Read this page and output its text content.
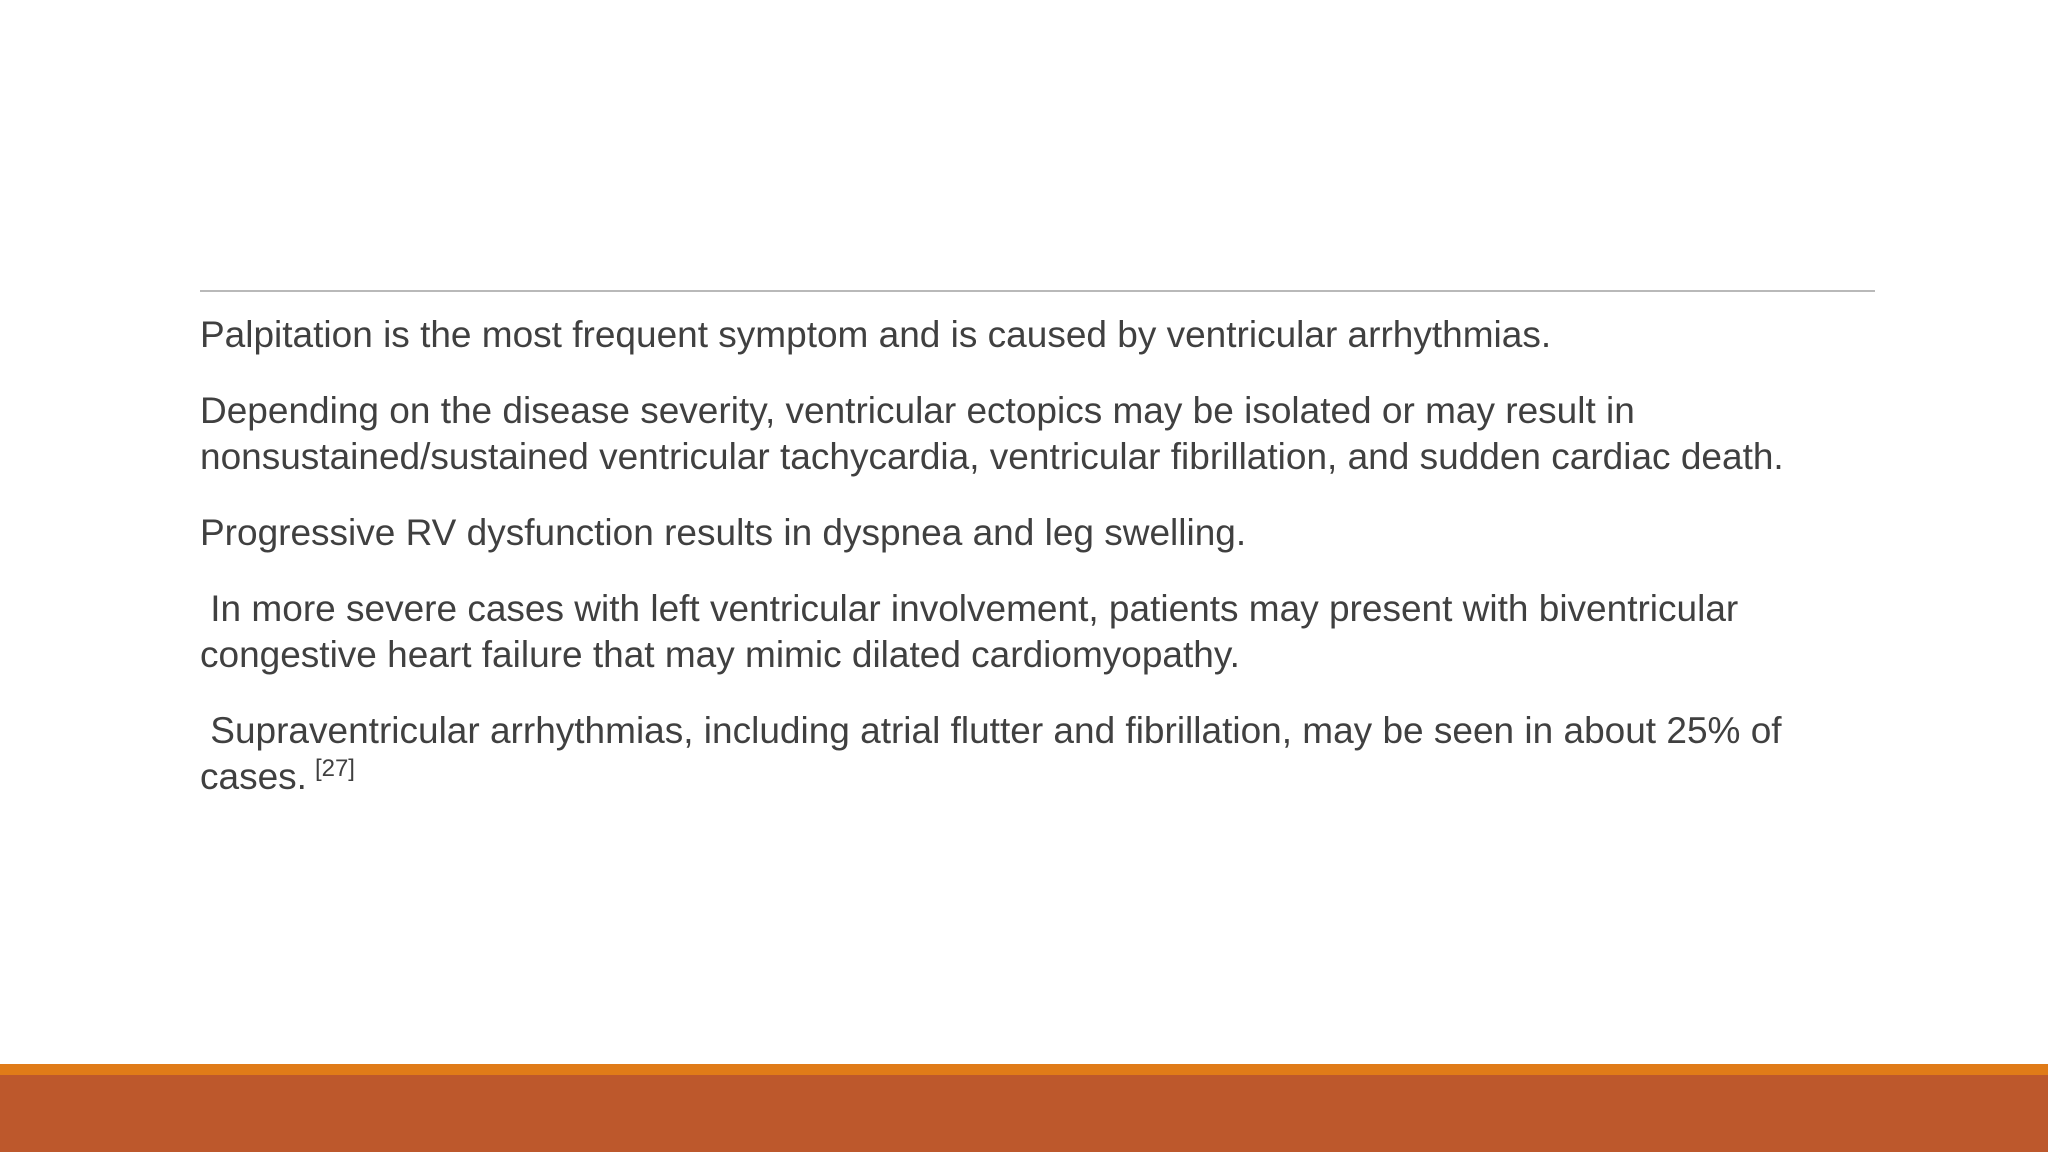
Palpitation is the most frequent symptom and is caused by ventricular arrhythmias.

Depending on the disease severity, ventricular ectopics may be isolated or may result in nonsustained/sustained ventricular tachycardia, ventricular fibrillation, and sudden cardiac death.

Progressive RV dysfunction results in dyspnea and leg swelling.

In more severe cases with left ventricular involvement, patients may present with biventricular congestive heart failure that may mimic dilated cardiomyopathy.

Supraventricular arrhythmias, including atrial flutter and fibrillation, may be seen in about 25% of cases. [27]
